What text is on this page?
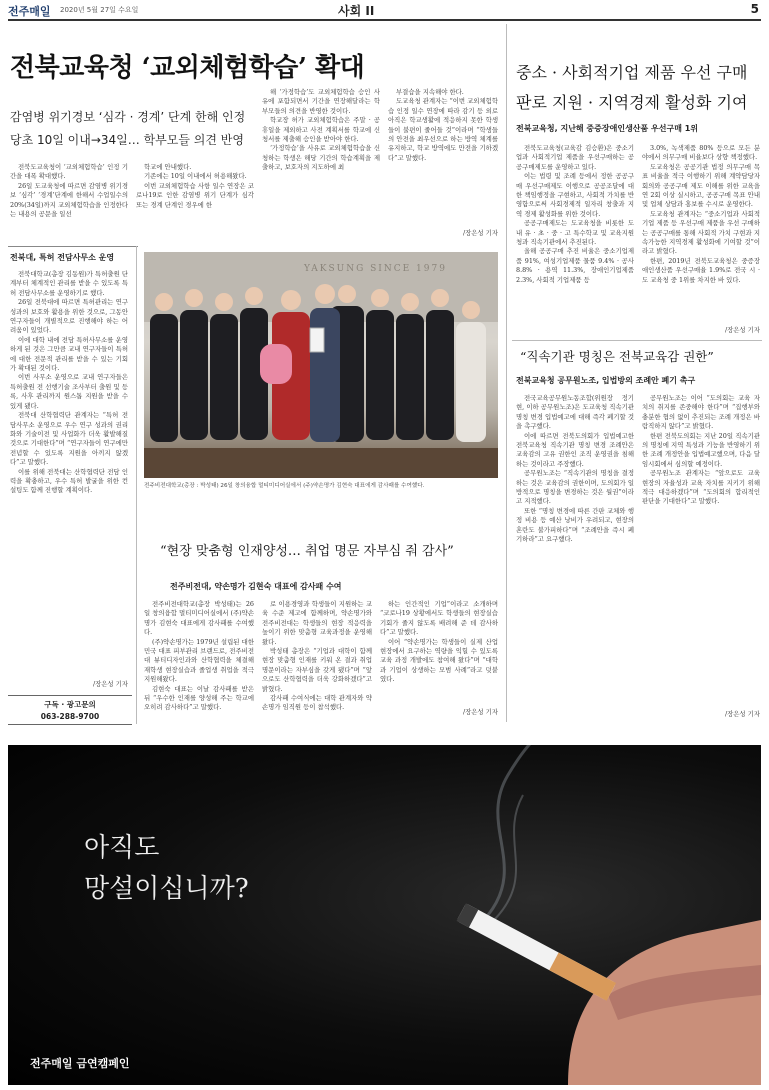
전주매일 2020년 5월 27일 수요일	사회 II	5
전북교육청 ‘교외체험학습’ 확대
감염병 위기경보 ‘심각 · 경계’ 단계 한해 인정
당초 10일 이내→34일… 학부모들 의견 반영

전북도교육청이 ‘교외체험학습’ 인정 기간을 대폭 확대했다.

26일 도교육청에 따르면 감염병 위기경보 ‘심각’ ‘경계’단계에 한해서 수업일수의 20%(34일)까지 교외체험학습을 인정한다는 내용의 공문을 일선

학교에 안내했다.

기존에는 10일 이내에서 허용해왔다.

이번 교외체험학습 사항 일수 연장은 코로나19로 인한 감염병 위기 단계가 심각 또는 경계 단계인 경우에 한

해 ‘가정학습’도 교외체험학습 승인 사유에 포함되면서 기간을 연장해달라는 학부모들의 의견을 반영한 것이다.

학교장 허가 교외체험학습은 주말 · 공휴일을 제외하고 사전 계획서를 학교에 신청서를 제출해 승인을 받아야 한다.

‘가정학습’을 사유로 교외체험학습을 신청하는 학생은 해당 기간의 학습계획을 제출하고, 보호자의 지도하에 최

부결습을 지속해야 한다.

도교육청 관계자는 “이번 교외체험학습 인정 일수 연장에 따라 감기 등 외로 아직은 학교생활에 적응하지 못한 학생들이 불편이 줄어들 것”이라며 “학생들의 안전을 최우선으로 하는 방역 체계를 유지하고, 학교 방역에도 만전을 기하겠다”고 말했다.

/장은성 기자
중소 · 사회적기업 제품 우선 구매
판로 지원 · 지역경제 활성화 기여
전북교육청, 지난해 중증장애인생산품 우선구매 1위

전북도교육청(교육감 김승환)은 중소기업과 사회적기업 제품을 우선구매하는 공공구매제도를 운영하고 있다.

이는 법령 및 조례 등에서 정한 공공구매 우선구매제도 이행으로 공공조달에 대한 책임행정을 구현하고, 사회적 가치를 반영함으로써 사회경제적 일자리 창출과 지역 경제 활성화를 위한 것이다.

공공구매제도는 도교육청을 비롯한 도내 유 · 초 · 중 · 고 특수학교 및 교육지원청과 직속기관에서 추진된다.

올해 공공구매 추진 비율은 중소기업제품 91%, 여성기업제품 물품 9.4% · 공사 8.8% · 용역 11.3%, 장애인기업제품 2.3%, 사회적 기업제품 등

3.0%, 녹색제품 80% 등으로 모든 분야에서 의무구매 비율보다 상향 책정했다.

도교육청은 공공기관 법정 의무구매 목표 비율을 적극 이행하기 위해 계약담당자 회의와 공공구매 제도 이해를 위한 교육을 연 2회 이상 실시하고, 공공구매 목표 안내 및 업체 상담과 홍보를 수시로 운영한다.

도교육청 관계자는 “중소기업과 사회적기업 제품 등 우선구매 제품을 우선 구매하는 공공구매를 통해 사회적 가치 구현과 지속가능한 지역경제 활성화에 기여할 것”이라고 밝혔다.

한편, 2019년 전북도교육청은 중증장애인생산품 우선구매율 1.9%로 전국 시 · 도 교육청 중 1위를 차지한 바 있다.

/장은성 기자
전북대, 특허 전담사무소 운영

전북대학교(총장 김동원)가 특허출원 단계부터 체계적인 관리를 받을 수 있도록 특허 전담사무소를 운영하기로 했다.

26일 전북대에 따르면 특허관리는 연구 성과의 보호와 활용을 위한 것으로, 그동안 연구자들이 개별적으로 진행해야 하는 어려움이 있었다.

이에 대학 내에 전담 특허사무소를 운영하게 된 것은 그만큼 교내 연구자들이 특허에 대한 전문적 관리를 받을 수 있는 기회가 확대된 것이다.

이번 사무소 운영으로 교내 연구자들은 특허출원 전 선행기술 조사부터 출원 및 등록, 사후 관리까지 원스톱 지원을 받을 수 있게 됐다.

전북대 산학협력단 관계자는 “특허 전담사무소 운영으로 우수 연구 성과의 권리화와 기술이전 및 사업화가 더욱 활발해질 것으로 기대한다”며 “연구자들이 연구에만 전념할 수 있도록 지원을 아끼지 않겠다”고 말했다.

이를 위해 전북대는 산학협력단 전담 인력을 확충하고, 우수 특허 발굴을 위한 컨설팅도 함께 진행할 계획이다.

/장은성 기자
구독 · 광고문의
063-288-9700
YAKSUNG SINCE 1979
전주비전대학교(총장 : 박성태) 26일 창의융합 멀티미디어실에서 (주)약손명가 김현숙 대표에게 감사패를 수여했다.
“현장 맞춤형 인재양성… 취업 명문 자부심 줘 감사”
전주비전대, 약손명가 김현숙 대표에 감사패 수여

전주비전대학교(총장 박성태)는 26일 창의융합 멀티미디어실에서 (주)약손명가 김현숙 대표에게 감사패를 수여했다.

(주)약손명가는 1979년 설립된 대한민국 대표 피부관리 브랜드로, 전주비전대 뷰티디자인과와 산학협력을 체결해 재학생 현장실습과 졸업생 취업을 적극 지원해왔다.

김현숙 대표는 이날 감사패를 받은 뒤 “우수한 인재를 양성해 주는 학교에 오히려 감사하다”고 말했다.

로 이용경영과 학생들이 지원하는 교육 수준 제고에 함께하며, 약손명가와 전주비전대는 학생들의 현장 적응력을 높이기 위한 맞춤형 교육과정을 운영해왔다.

박성태 총장은 “기업과 대학이 함께 현장 맞춤형 인재를 키워 온 결과 취업 명문이라는 자부심을 갖게 됐다”며 “앞으로도 산학협력을 더욱 강화하겠다”고 밝혔다.

감사패 수여식에는 대학 관계자와 약손명가 임직원 등이 참석했다.

하는 인간적인 기업”이라고 소개하며 “코로나19 상황에서도 학생들의 현장실습 기회가 줄지 않도록 배려해 준 데 감사하다”고 말했다.

이어 “약손명가는 학생들이 실제 산업 현장에서 요구하는 역량을 익힐 수 있도록 교육 과정 개발에도 참여해 왔다”며 “대학과 기업이 상생하는 모범 사례”라고 덧붙였다.

/장은성 기자
“직속기관 명칭은 전북교육감 권한”
전북교육청 공무원노조, 입법방의 조례안 폐기 촉구

전국교육공무원노동조합(위원장 정기현, 이하 공무원노조)은 도교육청 직속기관 명칭 변경 입법예고에 대해 즉각 폐기할 것을 촉구했다.

이에 따르면 전북도의회가 입법예고한 전북교육청 직속기관 명칭 변경 조례안은 교육감의 고유 권한인 조직 운영권을 침해하는 것이라고 주장했다.

공무원노조는 “직속기관의 명칭을 결정하는 것은 교육감의 권한이며, 도의회가 일방적으로 명칭을 변경하는 것은 월권”이라고 지적했다.

또한 “명칭 변경에 따른 간판 교체와 행정 비용 등 예산 낭비가 우려되고, 현장의 혼란도 불가피하다”며 “조례안을 즉시 폐기하라”고 요구했다.

공무원노조는 이어 “도의회는 교육 자치의 취지를 존중해야 한다”며 “집행부와 충분한 협의 없이 추진되는 조례 개정은 바람직하지 않다”고 밝혔다.

한편 전북도의회는 지난 20일 직속기관의 명칭에 지역 특성과 기능을 반영하기 위한 조례 개정안을 입법예고했으며, 다음 달 임시회에서 심의할 예정이다.

공무원노조 관계자는 “앞으로도 교육 현장의 자율성과 교육 자치를 지키기 위해 적극 대응하겠다”며 “도의회의 합리적인 판단을 기대한다”고 말했다.

/장은성 기자
아직도
망설이십니까?
전주매일 금연캠페인
